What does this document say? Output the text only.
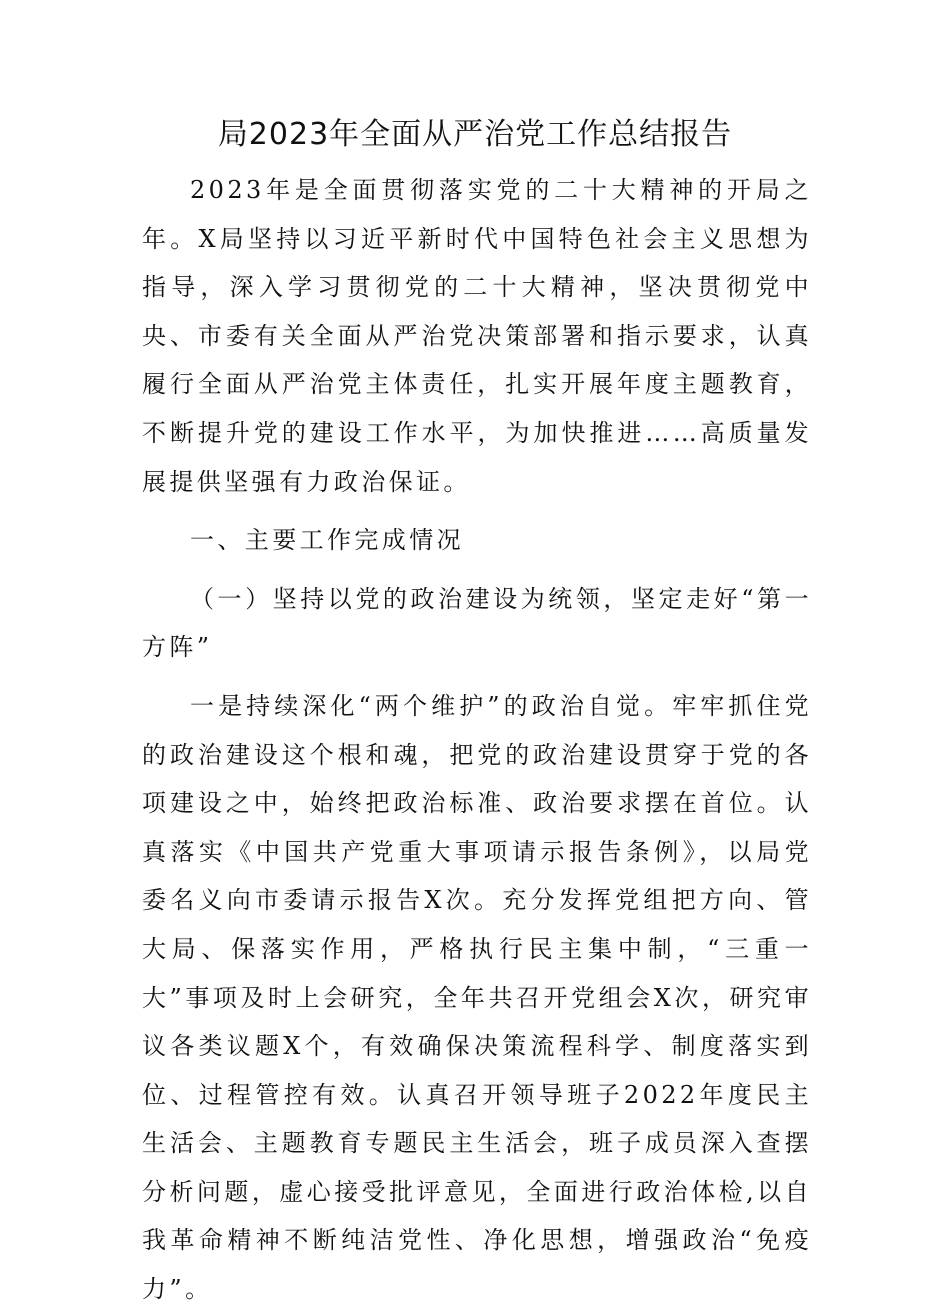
局2023年全面从严治党工作总结报告

2023年是全面贯彻落实党的二十大精神的开局之年。X局坚持以习近平新时代中国特色社会主义思想为指导，深入学习贯彻党的二十大精神，坚决贯彻党中央、市委有关全面从严治党决策部署和指示要求，认真履行全面从严治党主体责任，扎实开展年度主题教育，不断提升党的建设工作水平，为加快推进……高质量发展提供坚强有力政治保证。

一、主要工作完成情况

（一）坚持以党的政治建设为统领，坚定走好“第一方阵”

一是持续深化“两个维护”的政治自觉。牢牢抓住党的政治建设这个根和魂，把党的政治建设贯穿于党的各项建设之中，始终把政治标准、政治要求摆在首位。认真落实《中国共产党重大事项请示报告条例》，以局党委名义向市委请示报告X次。充分发挥党组把方向、管大局、保落实作用，严格执行民主集中制，“三重一大”事项及时上会研究，全年共召开党组会X次，研究审议各类议题X个，有效确保决策流程科学、制度落实到位、过程管控有效。认真召开领导班子2022年度民主生活会、主题教育专题民主生活会，班子成员深入查摆分析问题，虚心接受批评意见，全面进行政治体检,以自我革命精神不断纯洁党性、净化思想，增强政治“免疫力”。
